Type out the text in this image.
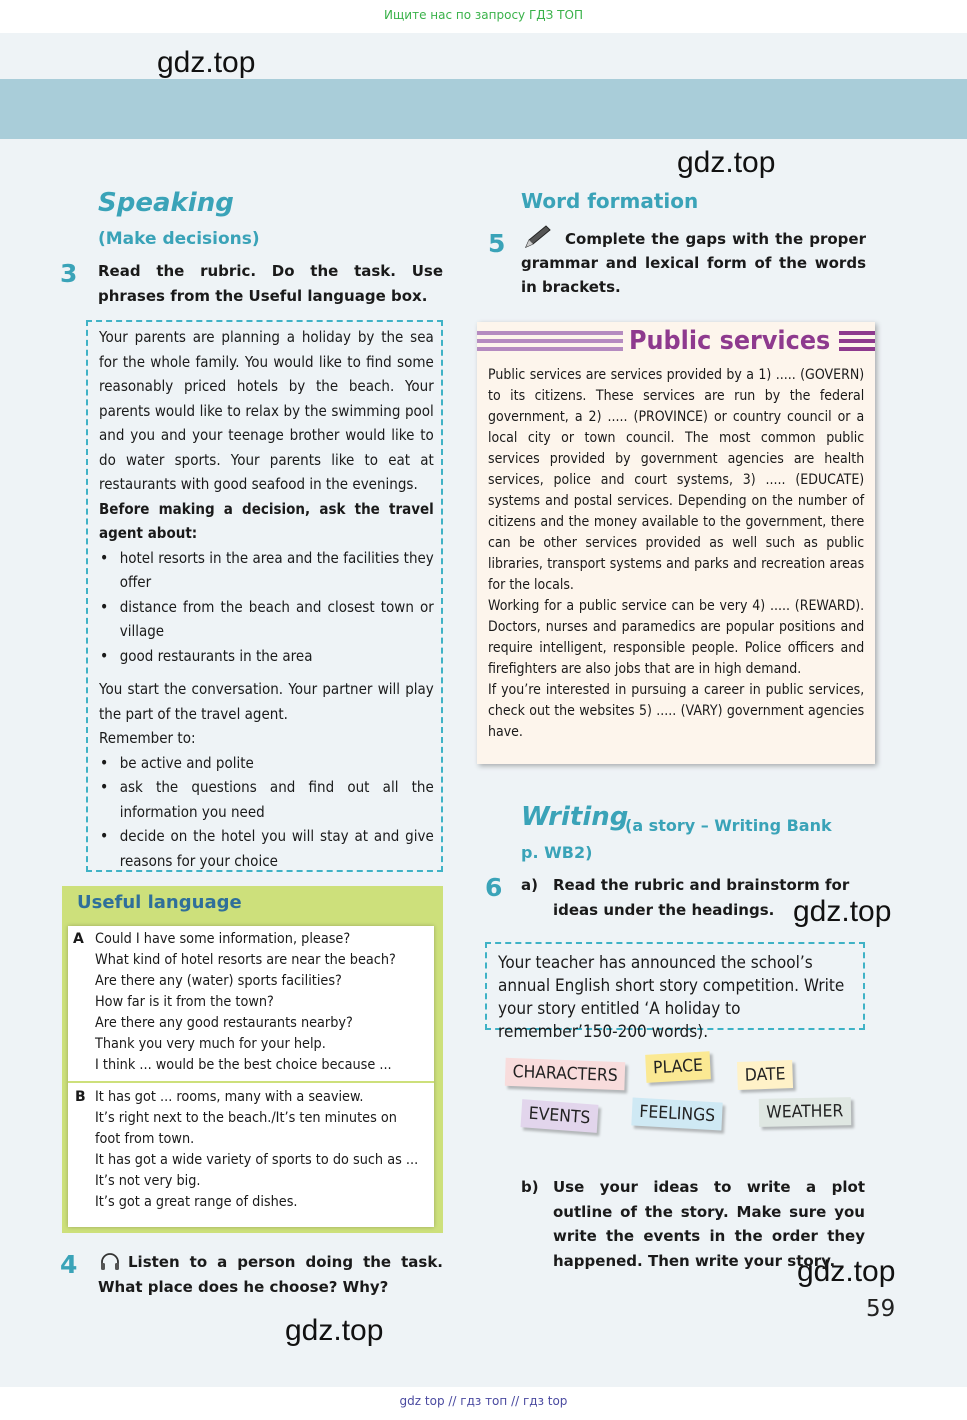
Ищите нас по запросу ГДЗ ТОП
gdz.top
gdz.top
gdz.top
gdz.top
gdz.top
Speaking
(Make decisions)
3 Read the rubric. Do the task. Use phrases from the Useful language box.

Your parents are planning a holiday by the sea for the whole family. You would like to find some reasonably priced hotels by the beach. Your parents would like to relax by the swimming pool and you and your teenage brother would like to do water sports. Your parents like to eat at restaurants with good seafood in the evenings.

Before making a decision, ask the travel agent about:

• hotel resorts in the area and the facilities they offer
• distance from the beach and closest town or village
• good restaurants in the area

You start the conversation. Your partner will play the part of the travel agent.

Remember to:

• be active and polite
• ask the questions and find out all the information you need
• decide on the hotel you will stay at and give reasons for your choice
Useful language
A Could I have some information, please?
What kind of hotel resorts are near the beach?
Are there any (water) sports facilities?
How far is it from the town?
Are there any good restaurants nearby?
Thank you very much for your help.
I think ... would be the best choice because ...
B It has got ... rooms, many with a seaview.
It’s right next to the beach./It’s ten minutes on
foot from town.
It has got a wide variety of sports to do such as ...
It’s not very big.
It’s got a great range of dishes.
4	Listen to a person doing the task. What place does he choose? Why?
Word formation
5	Complete the gaps with the proper grammar and lexical form of the words in brackets.
Public services

Public services are services provided by a 1) ..... (GOVERN) to its citizens. These services are run by the federal government, a 2) ..... (PROVINCE) or country council or a local city or town council. The most common public services provided by government agencies are health services, police and court systems, 3) ..... (EDUCATE) systems and postal services. Depending on the number of citizens and the money available to the government, there can be other services provided as well such as public libraries, transport systems and parks and recreation areas for the locals.

Working for a public service can be very 4) ..... (REWARD). Doctors, nurses and paramedics are popular positions and require intelligent, responsible people. Police officers and firefighters are also jobs that are in high demand.

If you’re interested in pursuing a career in public services, check out the websites 5) ..... (VARY) government agencies have.

Writing
(a story – Writing Bank p. WB2)
6 a) Read the rubric and brainstorm for ideas under the headings.
Your teacher has announced the school’s annual English short story competition. Write your story entitled ‘A holiday to remember’150-200 words).
CHARACTERS	PLACE	DATE
EVENTS	FEELINGS	WEATHER
b) Use your ideas to write a plot outline of the story. Make sure you write the events in the order they happened. Then write your story.
59
gdz top // гдз топ // гдз top
